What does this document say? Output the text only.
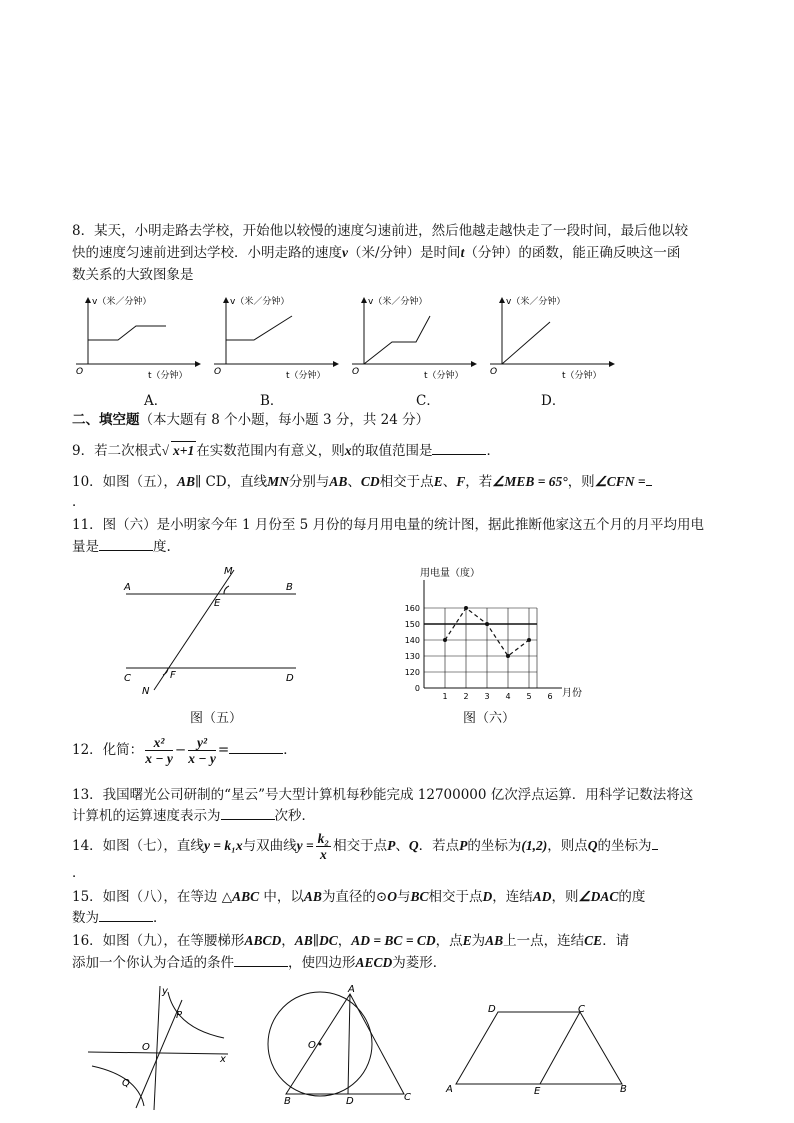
8．某天，小明走路去学校，开始他以较慢的速度匀速前进，然后他越走越快走了一段时间，最后他以较
快的速度匀速前进到达学校．小明走路的速度v（米/分钟）是时间t（分钟）的函数，能正确反映这一函
数关系的大致图象是
v（米／分钟）
t（分钟）
O
v（米／分钟）
t（分钟）
O
v（米／分钟）
t（分钟）
O
v（米／分钟）
t（分钟）
O
A．	B．	C．	D．
二、填空题（本大题有 8 个小题，每小题 3 分，共 24 分）
9．若二次根式√ x+1 在实数范围内有意义，则x的取值范围是	．
10．如图（五），AB∥ CD，直线MN分别与AB、CD相交于点E、F，若∠MEB = 65°，则∠CFN =
．
11．图（六）是小明家今年 1 月份至 5 月份的每月用电量的统计图，据此推断他家这五个月的月平均用电
量是	度.
A	B
C	D
E
F
M
N
图（五）
用电量（度）
月份
0
120
130
140
150
160
1 2 3 4 5 6
图（六）
12．化简： $\frac{\text{x²}}{x - y} - \frac{\text{y²}}{x - y}$ =	．
13．我国曙光公司研制的“星云”号大型计算机每秒能完成 12700000 亿次浮点运算．用科学记数法将这
计算机的运算速度表示为	次秒．
14．如图（七），直线y = k₁x与双曲线$y = \frac{\text{k₂}}{x}$ 相交于点P、Q．若点P的坐标为(1,2)，则点Q的坐标为
．
15．如图（八），在等边 △ABC 中，以AB为直径的⊙O与BC相交于点D，连结AD，则∠DAC的度
数为	．
16．如图（九），在等腰梯形ABCD，AB∥DC，AD = BC = CD，点E为AB上一点，连结CE．请
添加一个你认为合适的条件	，使四边形AECD为菱形．
y
x
O
P
Q
A
B	C
D
O
D	C
A	B
E
